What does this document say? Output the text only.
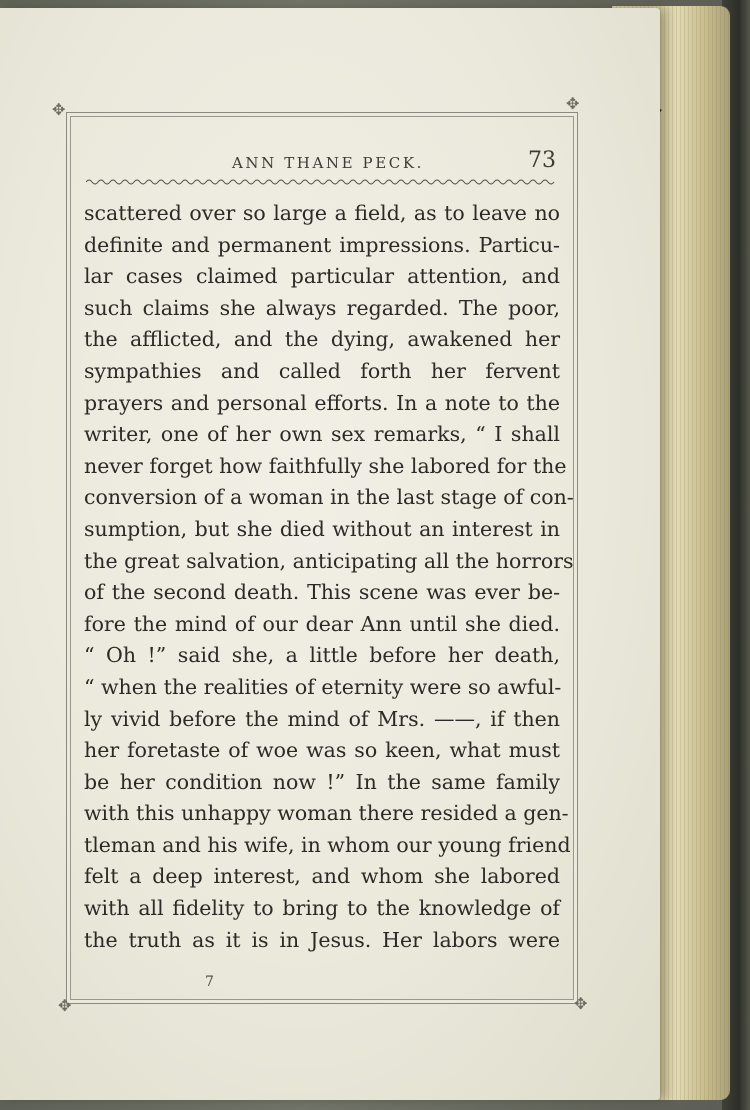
✥	✥
✥	✥
ANN THANE PECK.	73
scattered over so large a field, as to leave no
definite and permanent impressions. Particu-
lar cases claimed particular attention, and
such claims she always regarded. The poor,
the afflicted, and the dying, awakened her
sympathies and called forth her fervent
prayers and personal efforts. In a note to the
writer, one of her own sex remarks, “ I shall
never forget how faithfully she labored for the
conversion of a woman in the last stage of con-
sumption, but she died without an interest in
the great salvation, anticipating all the horrors
of the second death. This scene was ever be-
fore the mind of our dear Ann until she died.
“ Oh !” said she, a little before her death,
“ when the realities of eternity were so awful-
ly vivid before the mind of Mrs. ——, if then
her foretaste of woe was so keen, what must
be her condition now !” In the same family
with this unhappy woman there resided a gen-
tleman and his wife, in whom our young friend
felt a deep interest, and whom she labored
with all fidelity to bring to the knowledge of
the truth as it is in Jesus. Her labors were
7
